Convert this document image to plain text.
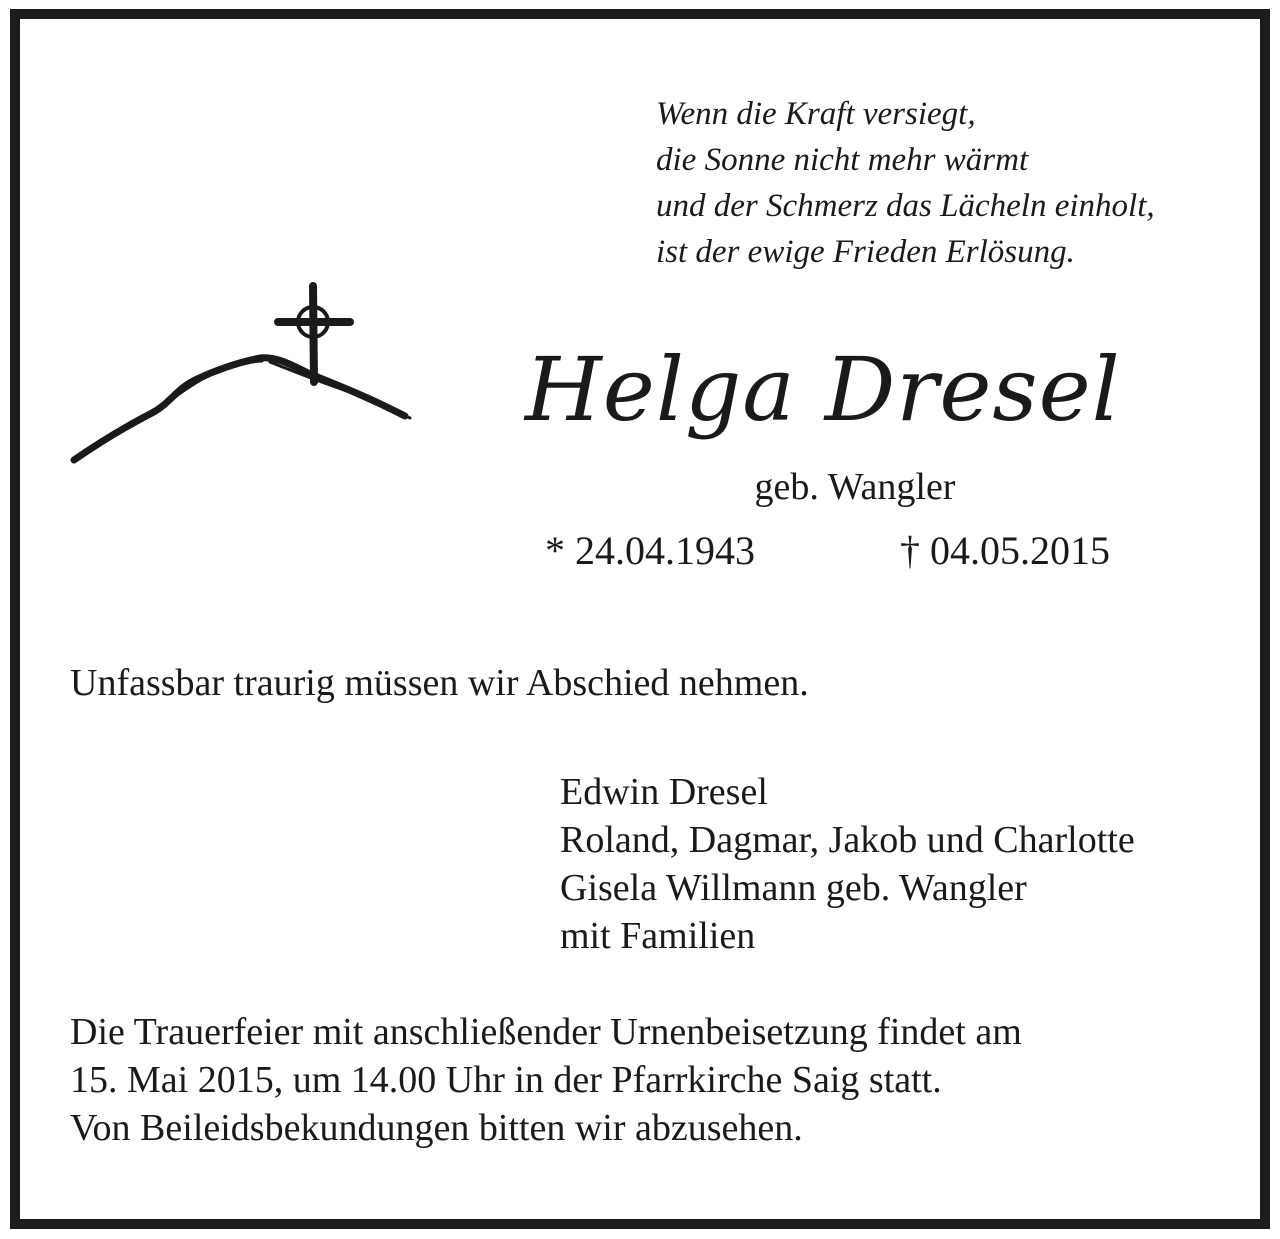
Wenn die Kraft versiegt,
die Sonne nicht mehr wärmt
und der Schmerz das Lächeln einholt,
ist der ewige Frieden Erlösung.
Helga Dresel
geb. Wangler
* 24.04.1943	† 04.05.2015
Unfassbar traurig müssen wir Abschied nehmen.
Edwin Dresel
Roland, Dagmar, Jakob und Charlotte
Gisela Willmann geb. Wangler
mit Familien
Die Trauerfeier mit anschließender Urnenbeisetzung findet am
15. Mai 2015, um 14.00 Uhr in der Pfarrkirche Saig statt.
Von Beileidsbekundungen bitten wir abzusehen.
